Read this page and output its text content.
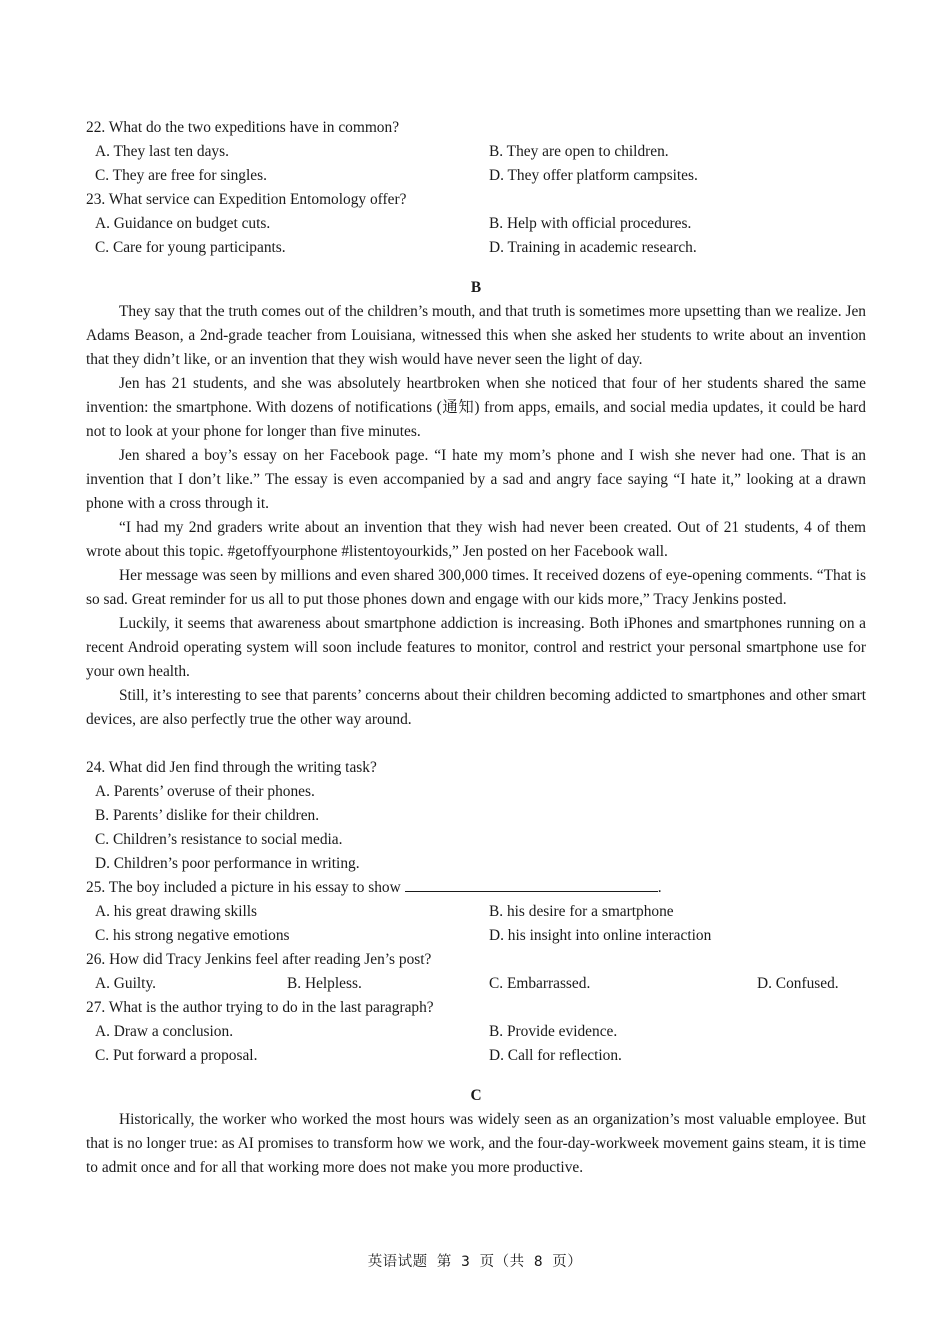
22. What do the two expeditions have in common?

A. They last ten days.	B. They are open to children.
C. They are free for singles.	D. They offer platform campsites.

23. What service can Expedition Entomology offer?

A. Guidance on budget cuts.	B. Help with official procedures.
C. Care for young participants.	D. Training in academic research.

B

They say that the truth comes out of the children’s mouth, and that truth is sometimes more upsetting than we realize. Jen Adams Beason, a 2nd-grade teacher from Louisiana, witnessed this when she asked her students to write about an invention that they didn’t like, or an invention that they wish would have never seen the light of day.

Jen has 21 students, and she was absolutely heartbroken when she noticed that four of her students shared the same invention: the smartphone. With dozens of notifications (通知) from apps, emails, and social media updates, it could be hard not to look at your phone for longer than five minutes.

Jen shared a boy’s essay on her Facebook page. “I hate my mom’s phone and I wish she never had one. That is an invention that I don’t like.” The essay is even accompanied by a sad and angry face saying “I hate it,” looking at a drawn phone with a cross through it.

“I had my 2nd graders write about an invention that they wish had never been created. Out of 21 students, 4 of them wrote about this topic. #getoffyourphone #listentoyourkids,” Jen posted on her Facebook wall.

Her message was seen by millions and even shared 300,000 times. It received dozens of eye-opening comments. “That is so sad. Great reminder for us all to put those phones down and engage with our kids more,” Tracy Jenkins posted.

Luckily, it seems that awareness about smartphone addiction is increasing. Both iPhones and smartphones running on a recent Android operating system will soon include features to monitor, control and restrict your personal smartphone use for your own health.

Still, it’s interesting to see that parents’ concerns about their children becoming addicted to smartphones and other smart devices, are also perfectly true the other way around.

24. What did Jen find through the writing task?

A. Parents’ overuse of their phones.
B. Parents’ dislike for their children.
C. Children’s resistance to social media.
D. Children’s poor performance in writing.

25. The boy included a picture in his essay to show	.

A. his great drawing skills	B. his desire for a smartphone
C. his strong negative emotions	D. his insight into online interaction

26. How did Tracy Jenkins feel after reading Jen’s post?

A. Guilty.	B. Helpless.	C. Embarrassed.	D. Confused.

27. What is the author trying to do in the last paragraph?

A. Draw a conclusion.	B. Provide evidence.
C. Put forward a proposal.	D. Call for reflection.

C

Historically, the worker who worked the most hours was widely seen as an organization’s most valuable employee. But that is no longer true: as AI promises to transform how we work, and the four-day-workweek movement gains steam, it is time to admit once and for all that working more does not make you more productive.

英语试题 第 3 页（共 8 页）
